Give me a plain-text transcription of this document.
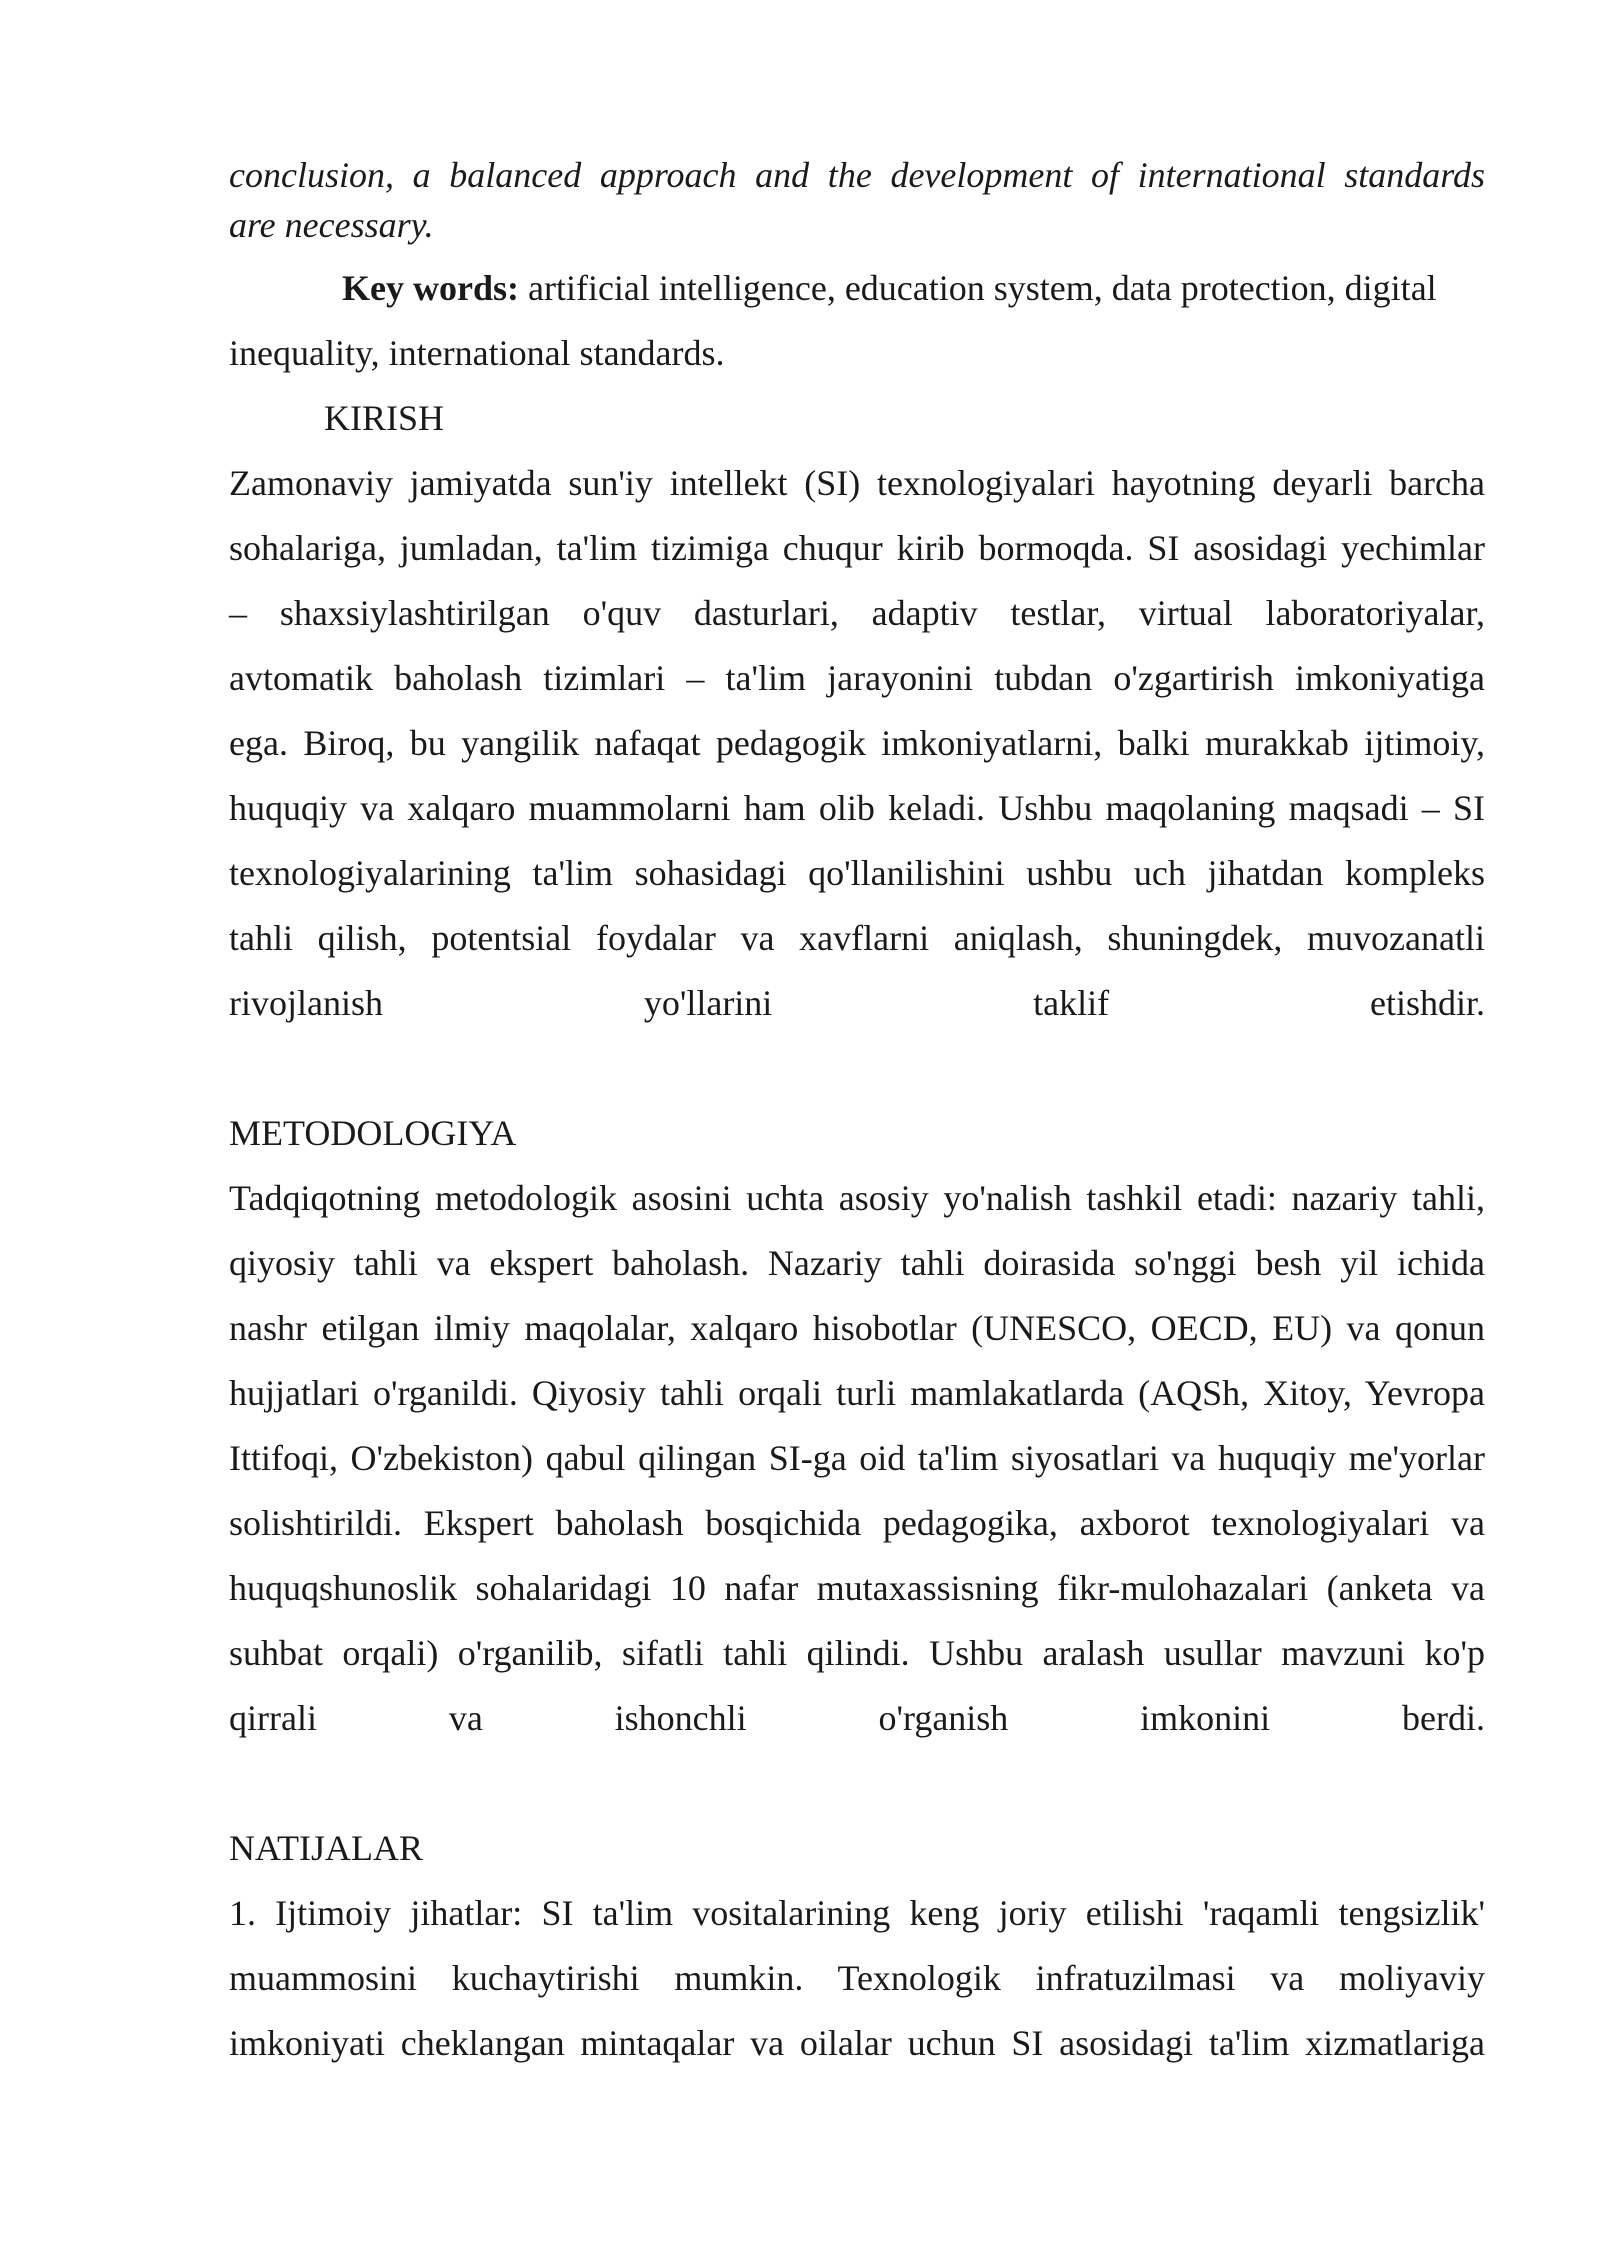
conclusion, a balanced approach and the development of international standards

are necessary.

Key words: artificial intelligence, education system, data protection, digital

inequality, international standards.

KIRISH

Zamonaviy jamiyatda sun'iy intellekt (SI) texnologiyalari hayotning deyarli barcha

sohalariga, jumladan, ta'lim tizimiga chuqur kirib bormoqda. SI asosidagi yechimlar

– shaxsiylashtirilgan o'quv dasturlari, adaptiv testlar, virtual laboratoriyalar,

avtomatik baholash tizimlari – ta'lim jarayonini tubdan o'zgartirish imkoniyatiga

ega. Biroq, bu yangilik nafaqat pedagogik imkoniyatlarni, balki murakkab ijtimoiy,

huquqiy va xalqaro muammolarni ham olib keladi. Ushbu maqolaning maqsadi – SI

texnologiyalarining ta'lim sohasidagi qo'llanilishini ushbu uch jihatdan kompleks

tahli qilish, potentsial foydalar va xavflarni aniqlash, shuningdek, muvozanatli

rivojlanish yo'llarini taklif etishdir.

METODOLOGIYA

Tadqiqotning metodologik asosini uchta asosiy yo'nalish tashkil etadi: nazariy tahli,

qiyosiy tahli va ekspert baholash. Nazariy tahli doirasida so'nggi besh yil ichida

nashr etilgan ilmiy maqolalar, xalqaro hisobotlar (UNESCO, OECD, EU) va qonun

hujjatlari o'rganildi. Qiyosiy tahli orqali turli mamlakatlarda (AQSh, Xitoy, Yevropa

Ittifoqi, O'zbekiston) qabul qilingan SI-ga oid ta'lim siyosatlari va huquqiy me'yorlar

solishtirildi. Ekspert baholash bosqichida pedagogika, axborot texnologiyalari va

huquqshunoslik sohalaridagi 10 nafar mutaxassisning fikr-mulohazalari (anketa va

suhbat orqali) o'rganilib, sifatli tahli qilindi. Ushbu aralash usullar mavzuni ko'p

qirrali va ishonchli o'rganish imkonini berdi.

NATIJALAR

1. Ijtimoiy jihatlar: SI ta'lim vositalarining keng joriy etilishi 'raqamli tengsizlik'

muammosini kuchaytirishi mumkin. Texnologik infratuzilmasi va moliyaviy

imkoniyati cheklangan mintaqalar va oilalar uchun SI asosidagi ta'lim xizmatlariga
